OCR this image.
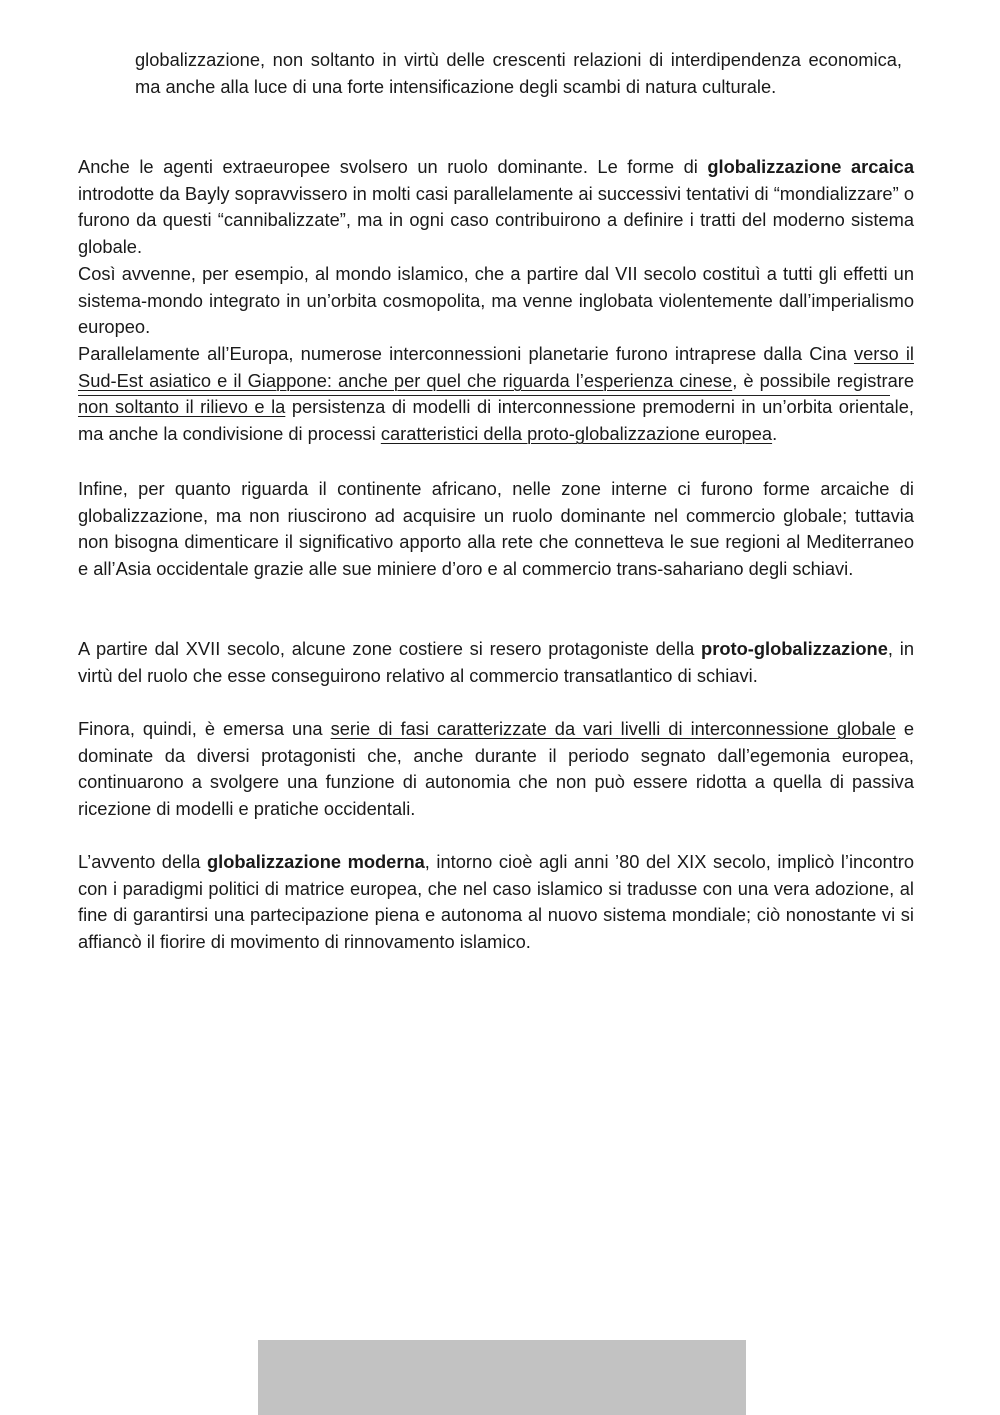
globalizzazione, non soltanto in virtù delle crescenti relazioni di interdipendenza economica, ma anche alla luce di una forte intensificazione degli scambi di natura culturale.

Anche le agenti extraeuropee svolsero un ruolo dominante. Le forme di globalizzazione arcaica introdotte da Bayly sopravvissero in molti casi parallelamente ai successivi tentativi di “mondializzare” o furono da questi “cannibalizzate”, ma in ogni caso contribuirono a definire i tratti del moderno sistema globale.

Così avvenne, per esempio, al mondo islamico, che a partire dal VII secolo costituì a tutti gli effetti un sistema-mondo integrato in un’orbita cosmopolita, ma venne inglobata violentemente dall’imperialismo europeo.

Parallelamente all’Europa, numerose interconnessioni planetarie furono intraprese dalla Cina verso il Sud-Est asiatico e il Giappone: anche per quel che riguarda l’esperienza cinese, è possibile registrare non soltanto il rilievo e la persistenza di modelli di interconnessione premoderni in un’orbita orientale, ma anche la condivisione di processi caratteristici della proto-globalizzazione europea.

Infine, per quanto riguarda il continente africano, nelle zone interne ci furono forme arcaiche di globalizzazione, ma non riuscirono ad acquisire un ruolo dominante nel commercio globale; tuttavia non bisogna dimenticare il significativo apporto alla rete che connetteva le sue regioni al Mediterraneo e all’Asia occidentale grazie alle sue miniere d’oro e al commercio trans-sahariano degli schiavi.

A partire dal XVII secolo, alcune zone costiere si resero protagoniste della proto-globalizzazione, in virtù del ruolo che esse conseguirono relativo al commercio transatlantico di schiavi.

Finora, quindi, è emersa una serie di fasi caratterizzate da vari livelli di interconnessione globale e dominate da diversi protagonisti che, anche durante il periodo segnato dall’egemonia europea, continuarono a svolgere una funzione di autonomia che non può essere ridotta a quella di passiva ricezione di modelli e pratiche occidentali.

L’avvento della globalizzazione moderna, intorno cioè agli anni ’80 del XIX secolo, implicò l’incontro con i paradigmi politici di matrice europea, che nel caso islamico si tradusse con una vera adozione, al fine di garantirsi una partecipazione piena e autonoma al nuovo sistema mondiale; ciò nonostante vi si affiancò il fiorire di movimento di rinnovamento islamico.
